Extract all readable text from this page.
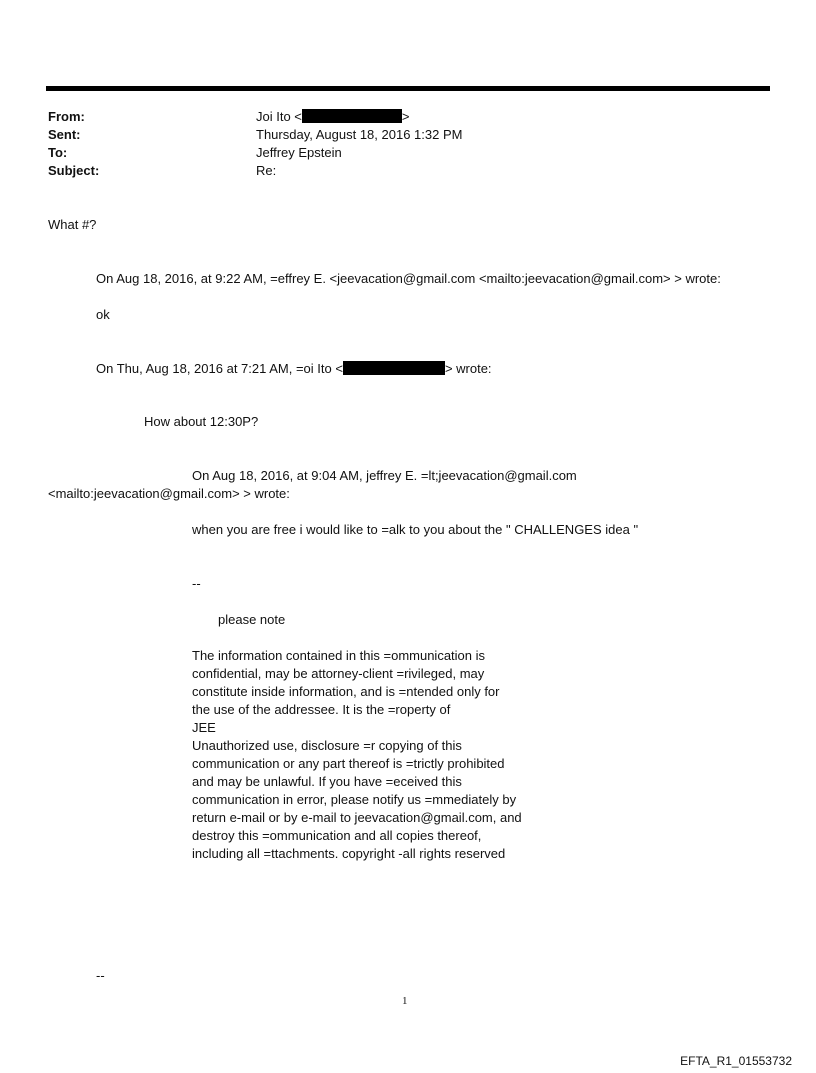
From:	Joi Ito <	>
Sent:	Thursday, August 18, 2016 1:32 PM
To:	Jeffrey Epstein
Subject:	Re:
What #?
On Aug 18, 2016, at 9:22 AM, =effrey E. <jeevacation@gmail.com <mailto:jeevacation@gmail.com> > wrote:
ok
On Thu, Aug 18, 2016 at 7:21 AM, =oi Ito <	> wrote:
How about 12:30P?
On Aug 18, 2016, at 9:04 AM, jeffrey E. =lt;jeevacation@gmail.com
<mailto:jeevacation@gmail.com> > wrote:
when you are free i would like to =alk to you about the " CHALLENGES idea "
--
please note
The information contained in this =ommunication is
confidential, may be attorney-client =rivileged, may
constitute inside information, and is =ntended only for
the use of the addressee. It is the =roperty of
JEE
Unauthorized use, disclosure =r copying of this
communication or any part thereof is =trictly prohibited
and may be unlawful. If you have =eceived this
communication in error, please notify us =mmediately by
return e-mail or by e-mail to jeevacation@gmail.com, and
destroy this =ommunication and all copies thereof,
including all =ttachments. copyright -all rights reserved
--
1
EFTA_R1_01553732
